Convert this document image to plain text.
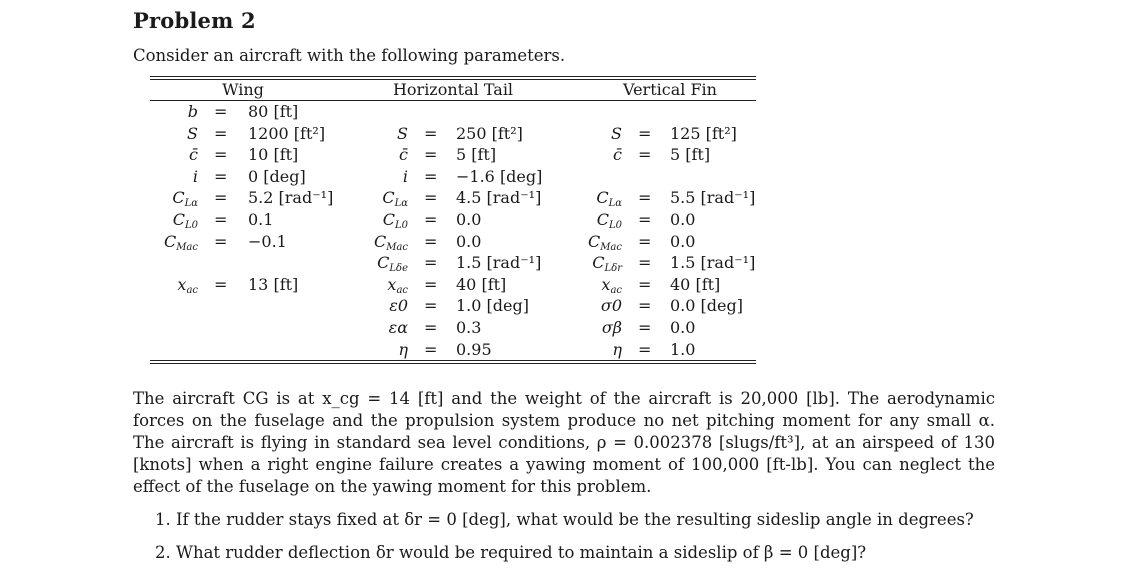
Problem 2
Consider an aircraft with the following parameters.
Wing	Horizontal Tail	Vertical Fin
b = 80 [ft]
S = 1200 [ft²]
c̄ = 10 [ft]
i = 0 [deg]
$C_{L\alpha} = 5.2$ [rad⁻¹]
$C_{L0} = 0.1$
$C_{Mac} = -0.1$
$x_{ac} = 13$ [ft]
S = 250 [ft²]
c̄ = 5 [ft]
i = −1.6 [deg]
$C_{L\alpha} = 4.5$ [rad⁻¹]
$C_{L0} = 0.0$
$C_{Mac} = 0.0$
$C_{L\delta e} = 1.5$ [rad⁻¹]
$x_{ac} = 40$ [ft]
ε0 = 1.0 [deg]
εα = 0.3
η = 0.95
S = 125 [ft²]
c̄ = 5 [ft]
$C_{L\alpha} = 5.5$ [rad⁻¹]
$C_{L0} = 0.0$
$C_{Mac} = 0.0$
$C_{L\delta r} = 1.5$ [rad⁻¹]
$x_{ac} = 40$ [ft]
σ0 = 0.0 [deg]
σβ = 0.0
η = 1.0
The aircraft CG is at x_cg = 14 [ft] and the weight of the aircraft is 20,000 [lb]. The aerodynamic forces on the fuselage and the propulsion system produce no net pitching moment for any small α. The aircraft is flying in standard sea level conditions, ρ = 0.002378 [slugs/ft³], at an airspeed of 130 [knots] when a right engine failure creates a yawing moment of 100,000 [ft-lb]. You can neglect the effect of the fuselage on the yawing moment for this problem.
1. If the rudder stays fixed at δr = 0 [deg], what would be the resulting sideslip angle in degrees?
2. What rudder deflection δr would be required to maintain a sideslip of β = 0 [deg]?
